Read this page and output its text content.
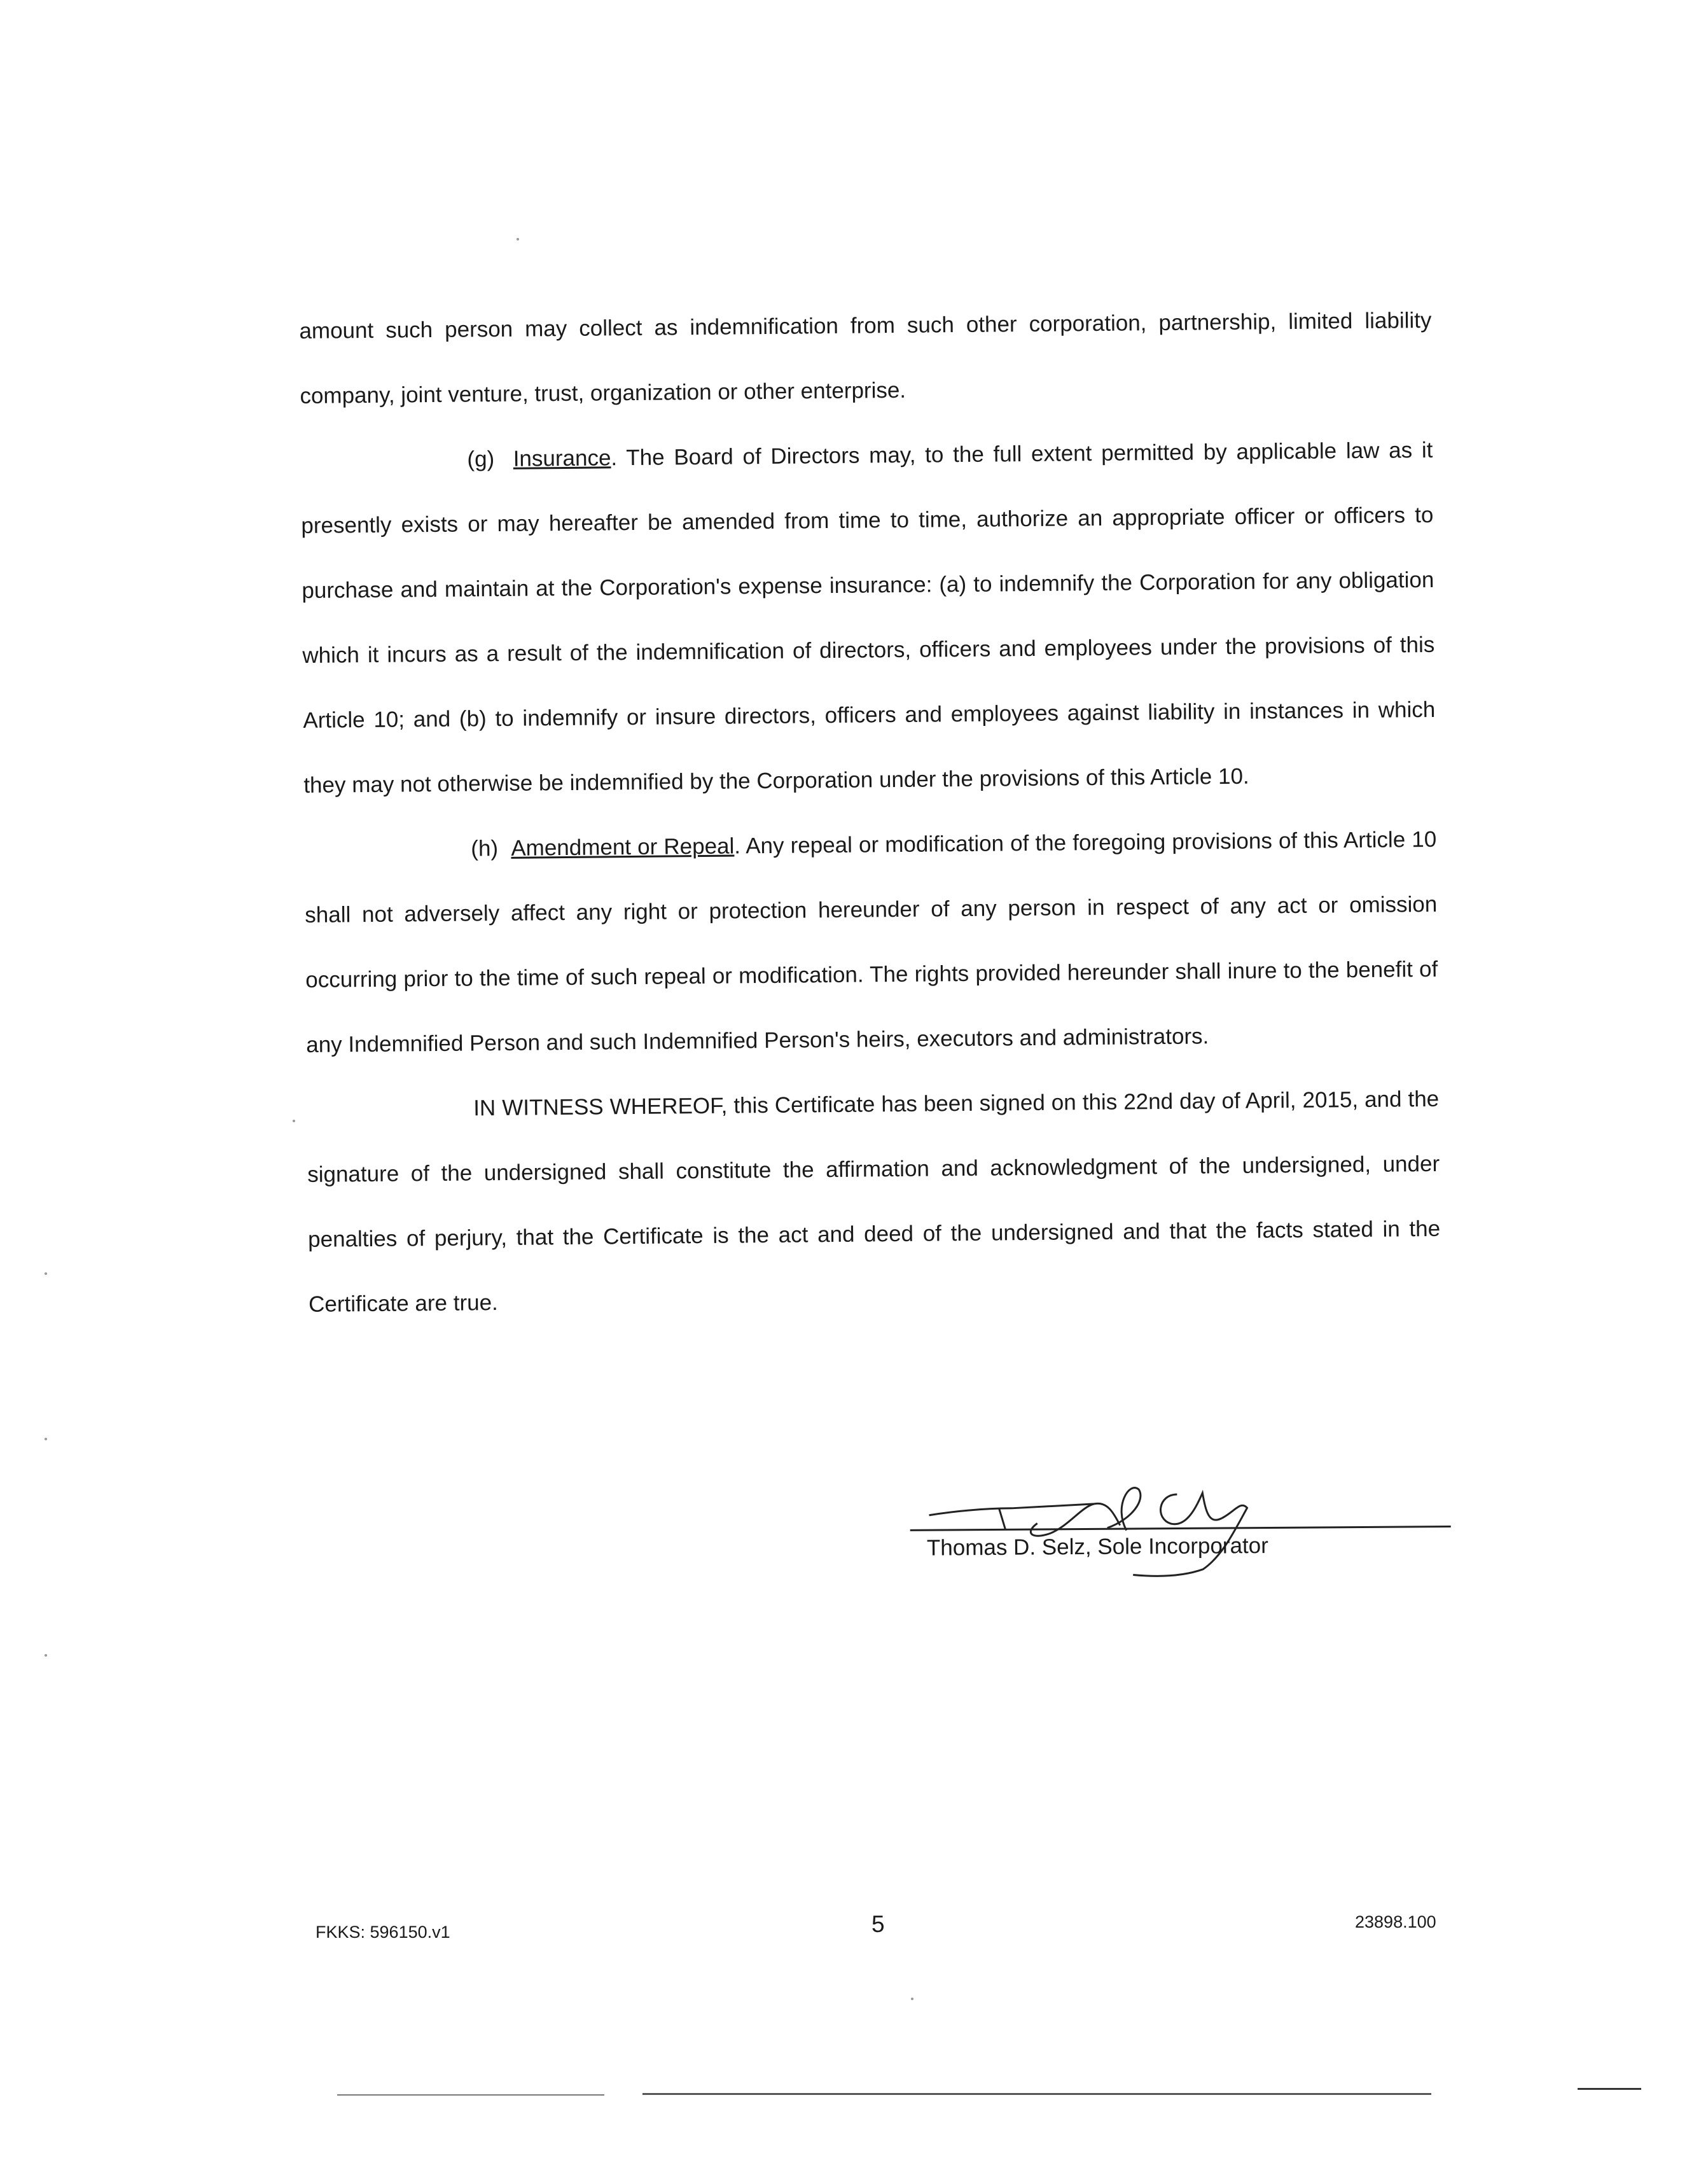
amount such person may collect as indemnification from such other corporation, partnership, limited liability company, joint venture, trust, organization or other enterprise.

(g) Insurance. The Board of Directors may, to the full extent permitted by applicable law as it presently exists or may hereafter be amended from time to time, authorize an appropriate officer or officers to purchase and maintain at the Corporation's expense insurance: (a) to indemnify the Corporation for any obligation which it incurs as a result of the indemnification of directors, officers and employees under the provisions of this Article 10; and (b) to indemnify or insure directors, officers and employees against liability in instances in which they may not otherwise be indemnified by the Corporation under the provisions of this Article 10.

(h) Amendment or Repeal. Any repeal or modification of the foregoing provisions of this Article 10 shall not adversely affect any right or protection hereunder of any person in respect of any act or omission occurring prior to the time of such repeal or modification. The rights provided hereunder shall inure to the benefit of any Indemnified Person and such Indemnified Person's heirs, executors and administrators.

IN WITNESS WHEREOF, this Certificate has been signed on this 22nd day of April, 2015, and the signature of the undersigned shall constitute the affirmation and acknowledgment of the undersigned, under penalties of perjury, that the Certificate is the act and deed of the undersigned and that the facts stated in the Certificate are true.

Thomas D. Selz, Sole Incorporator
FKKS: 596150.v1	5	23898.100
